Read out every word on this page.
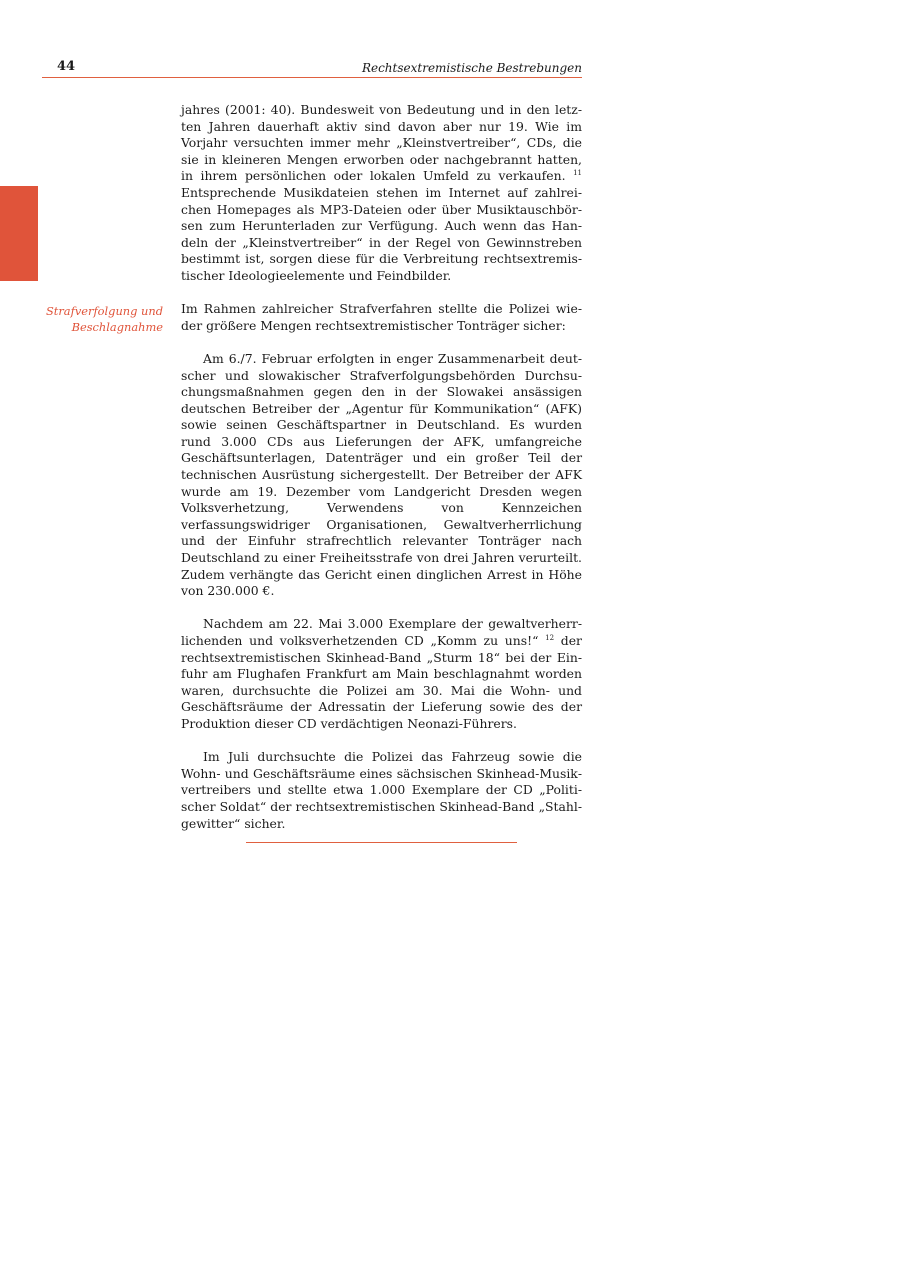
44	Rechtsextremistische Bestrebungen
Strafverfolgung und
Beschlagnahme

jahres (2001: 40). Bundesweit von Bedeutung und in den letzten Jahren dauerhaft aktiv sind davon aber nur 19. Wie im Vorjahr versuchten immer mehr „Kleinstvertreiber“, CDs, die sie in kleineren Mengen erworben oder nachgebrannt hatten, in ihrem persönlichen oder lokalen Umfeld zu verkaufen. $^{11}$ Entsprechende Musikdateien stehen im Internet auf zahlreichen Homepages als MP3-Dateien oder über Musiktauschbörsen zum Herunterladen zur Verfügung. Auch wenn das Handeln der „Kleinstvertreiber“ in der Regel von Gewinnstreben bestimmt ist, sorgen diese für die Verbreitung rechtsextremistischer Ideologieelemente und Feindbilder.

Im Rahmen zahlreicher Strafverfahren stellte die Polizei wieder größere Mengen rechtsextremistischer Tonträger sicher:

Am 6./7. Februar erfolgten in enger Zusammenarbeit deutscher und slowakischer Strafverfolgungsbehörden Durchsuchungsmaßnahmen gegen den in der Slowakei ansässigen deutschen Betreiber der „Agentur für Kommunikation“ (AFK) sowie seinen Geschäftspartner in Deutschland. Es wurden rund 3.000 CDs aus Lieferungen der AFK, umfangreiche Geschäftsunterlagen, Datenträger und ein großer Teil der technischen Ausrüstung sichergestellt. Der Betreiber der AFK wurde am 19. Dezember vom Landgericht Dresden wegen Volksverhetzung, Verwendens von Kennzeichen verfassungswidriger Organisationen, Gewaltverherrlichung und der Einfuhr strafrechtlich relevanter Tonträger nach Deutschland zu einer Freiheitsstrafe von drei Jahren verurteilt. Zudem verhängte das Gericht einen dinglichen Arrest in Höhe von 230.000 €.

Nachdem am 22. Mai 3.000 Exemplare der gewaltverherrlichenden und volksverhetzenden CD „Komm zu uns!“ $^{12}$ der rechtsextremistischen Skinhead-Band „Sturm 18“ bei der Einfuhr am Flughafen Frankfurt am Main beschlagnahmt worden waren, durchsuchte die Polizei am 30. Mai die Wohn- und Geschäftsräume der Adressatin der Lieferung sowie des der Produktion dieser CD verdächtigen Neonazi-Führers.

Im Juli durchsuchte die Polizei das Fahrzeug sowie die Wohn- und Geschäftsräume eines sächsischen Skinhead-Musikvertreibers und stellte etwa 1.000 Exemplare der CD „Politischer Soldat“ der rechtsextremistischen Skinhead-Band „Stahlgewitter“ sicher.
